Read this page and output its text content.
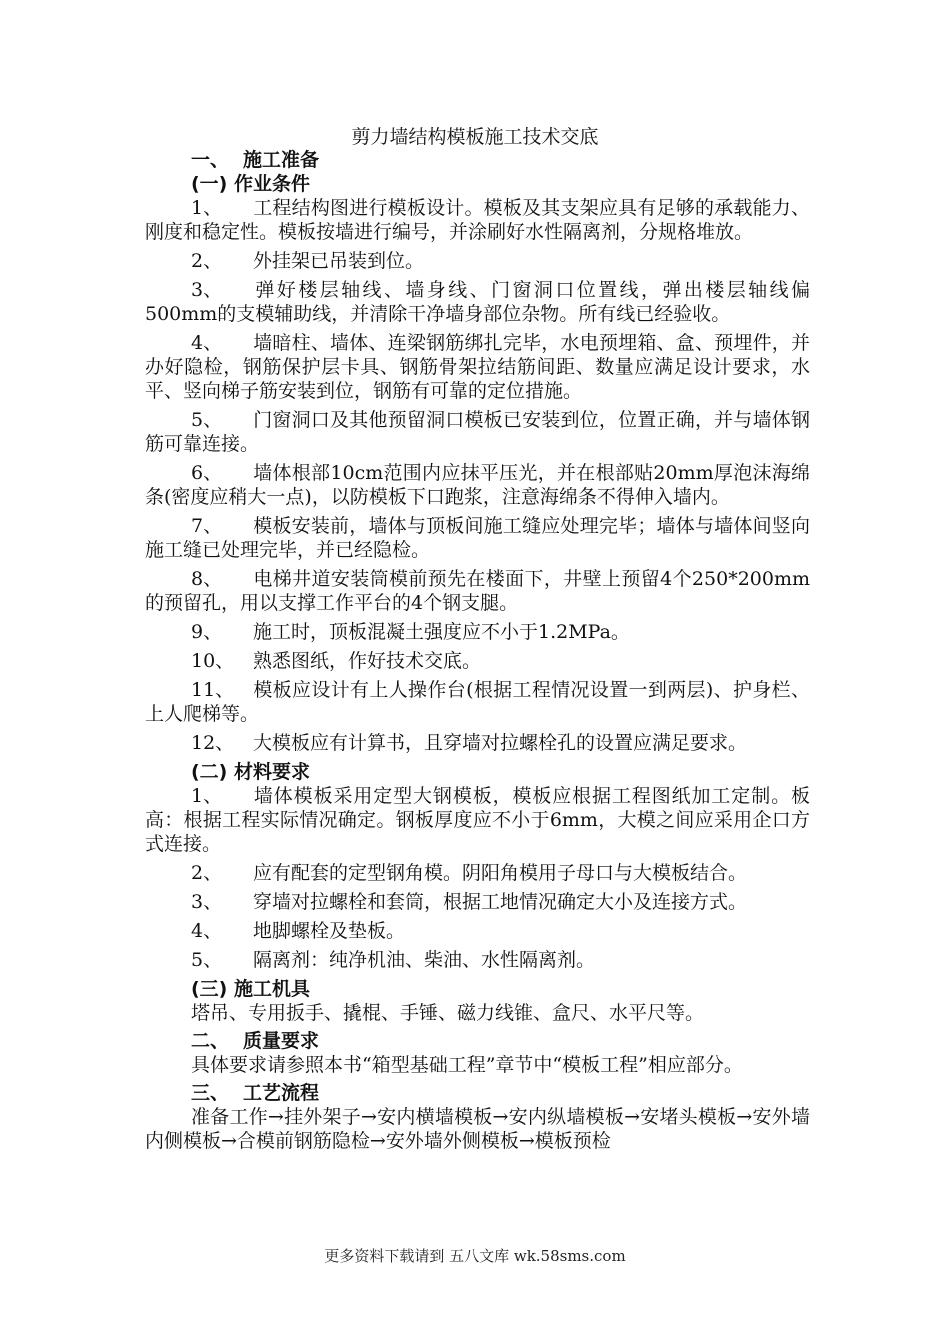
剪力墙结构模板施工技术交底
一、 施工准备
(一) 作业条件
1、 工程结构图进行模板设计。模板及其支架应具有足够的承载能力、刚度和稳定性。模板按墙进行编号，并涂刷好水性隔离剂，分规格堆放。
2、 外挂架已吊装到位。
3、 弹好楼层轴线、墙身线、门窗洞口位置线，弹出楼层轴线偏500mm的支模辅助线，并清除干净墙身部位杂物。所有线已经验收。
4、 墙暗柱、墙体、连梁钢筋绑扎完毕，水电预埋箱、盒、预埋件，并办好隐检，钢筋保护层卡具、钢筋骨架拉结筋间距、数量应满足设计要求，水平、竖向梯子筋安装到位，钢筋有可靠的定位措施。
5、 门窗洞口及其他预留洞口模板已安装到位，位置正确，并与墙体钢筋可靠连接。
6、 墙体根部10cm范围内应抹平压光，并在根部贴20mm厚泡沫海绵条(密度应稍大一点)，以防模板下口跑浆，注意海绵条不得伸入墙内。
7、 模板安装前，墙体与顶板间施工缝应处理完毕；墙体与墙体间竖向施工缝已处理完毕，并已经隐检。
8、 电梯井道安装筒模前预先在楼面下，井壁上预留4个250*200mm的预留孔，用以支撑工作平台的4个钢支腿。
9、 施工时，顶板混凝土强度应不小于1.2MPa。
10、 熟悉图纸，作好技术交底。
11、 模板应设计有上人操作台(根据工程情况设置一到两层)、护身栏、上人爬梯等。
12、 大模板应有计算书，且穿墙对拉螺栓孔的设置应满足要求。
(二) 材料要求
1、 墙体模板采用定型大钢模板，模板应根据工程图纸加工定制。板高：根据工程实际情况确定。钢板厚度应不小于6mm，大模之间应采用企口方式连接。
2、 应有配套的定型钢角模。阴阳角模用子母口与大模板结合。
3、 穿墙对拉螺栓和套筒，根据工地情况确定大小及连接方式。
4、 地脚螺栓及垫板。
5、 隔离剂：纯净机油、柴油、水性隔离剂。
(三) 施工机具
塔吊、专用扳手、撬棍、手锤、磁力线锥、盒尺、水平尺等。
二、 质量要求
具体要求请参照本书“箱型基础工程”章节中“模板工程”相应部分。
三、 工艺流程
准备工作→挂外架子→安内横墙模板→安内纵墙模板→安堵头模板→安外墙内侧模板→合模前钢筋隐检→安外墙外侧模板→模板预检
更多资料下载请到 五八文库 wk.58sms.com
